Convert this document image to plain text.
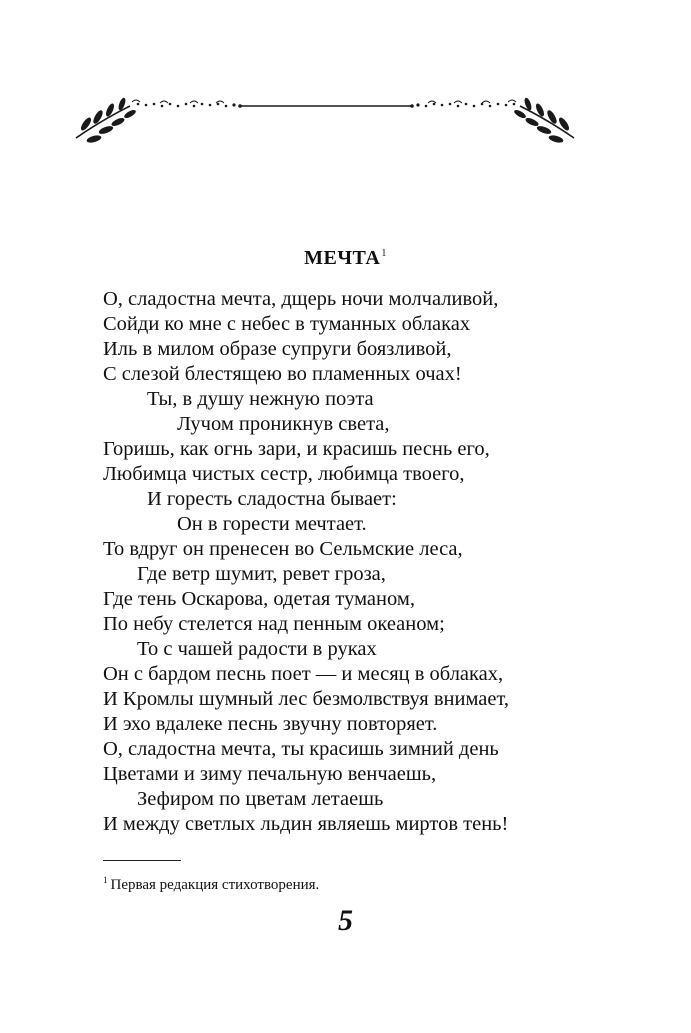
МЕЧТА$^1$
О, сладостна мечта, дщерь ночи молчаливой,
Сойди ко мне с небес в туманных облаках
Иль в милом образе супруги боязливой,
С слезой блестящею во пламенных очах!
Ты, в душу нежную поэта
Лучом проникнув света,
Горишь, как огнь зари, и красишь песнь его,
Любимца чистых сестр, любимца твоего,
И горесть сладостна бывает:
Он в горести мечтает.
То вдруг он пренесен во Сельмские леса,
Где ветр шумит, ревет гроза,
Где тень Оскарова, одетая туманом,
По небу стелется над пенным океаном;
То с чашей радости в руках
Он с бардом песнь поет — и месяц в облаках,
И Кромлы шумный лес безмолвствуя внимает,
И эхо вдалеке песнь звучну повторяет.
О, сладостна мечта, ты красишь зимний день
Цветами и зиму печальную венчаешь,
Зефиром по цветам летаешь
И между светлых льдин являешь миртов тень!
$^1$ Первая редакция стихотворения.
5
